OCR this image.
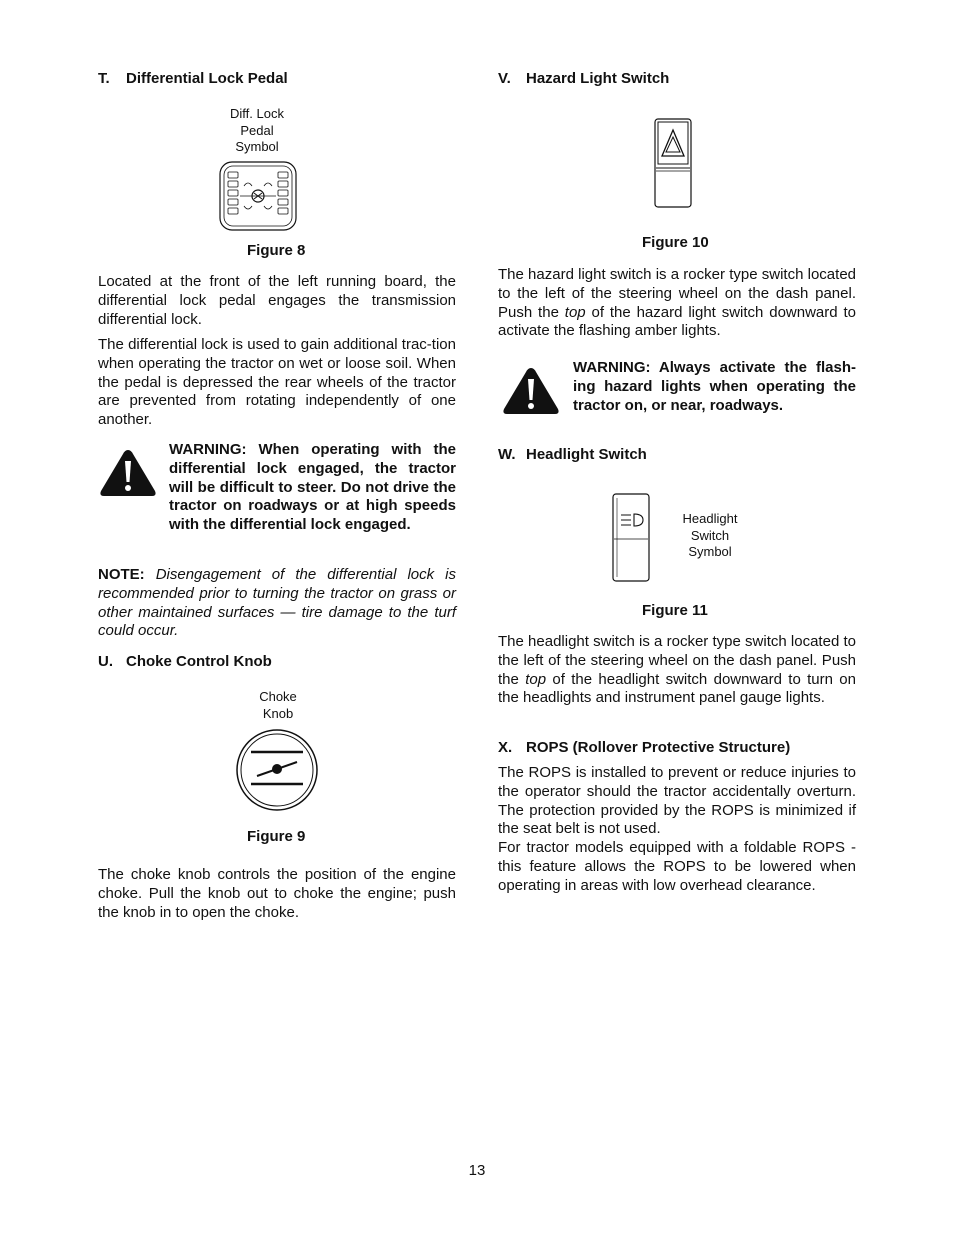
T. Differential Lock Pedal
Diff. Lock
Pedal
Symbol
Figure 8

Located at the front of the left running board, the differential lock pedal engages the transmission differential lock.

The differential lock is used to gain additional trac-tion when operating the tractor on wet or loose soil. When the pedal is depressed the rear wheels of the tractor are prevented from rotating independently of one another.

WARNING: When operating with the differential lock engaged, the tractor will be difficult to steer. Do not drive the tractor on roadways or at high speeds with the differential lock engaged.

NOTE: Disengagement of the differential lock is recommended prior to turning the tractor on grass or other maintained surfaces — tire damage to the turf could occur.

U. Choke Control Knob
Choke
Knob
Figure 9

The choke knob controls the position of the engine choke. Pull the knob out to choke the engine; push the knob in to open the choke.

V. Hazard Light Switch
Figure 10

The hazard light switch is a rocker type switch located to the left of the steering wheel on the dash panel. Push the top of the hazard light switch downward to activate the flashing amber lights.

WARNING: Always activate the flash-ing hazard lights when operating the tractor on, or near, roadways.

W. Headlight Switch
Headlight
Switch
Symbol
Figure 11

The headlight switch is a rocker type switch located to the left of the steering wheel on the dash panel. Push the top of the headlight switch downward to turn on the headlights and instrument panel gauge lights.

X. ROPS (Rollover Protective Structure)

The ROPS is installed to prevent or reduce injuries to the operator should the tractor accidentally overturn. The protection provided by the ROPS is minimized if the seat belt is not used.

For tractor models equipped with a foldable ROPS - this feature allows the ROPS to be lowered when operating in areas with low overhead clearance.

13
